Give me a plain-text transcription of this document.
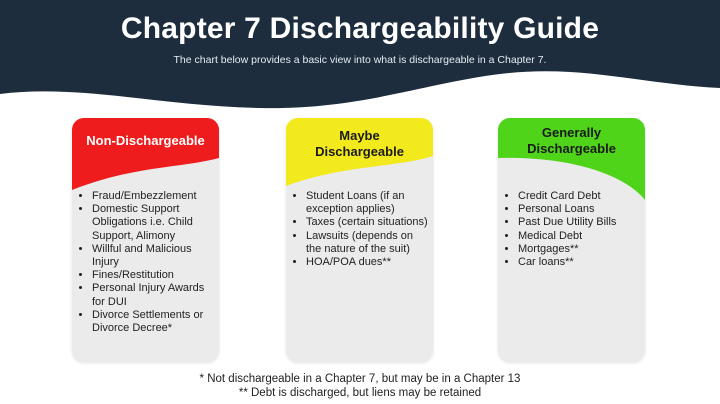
Chapter 7 Dischargeability Guide

The chart below provides a basic view into what is dischargeable in a Chapter 7.

Non-Dischargeable
• Fraud/Embezzlement
• Domestic Support Obligations i.e. Child Support, Alimony
• Willful and Malicious Injury
• Fines/Restitution
• Personal Injury Awards for DUI
• Divorce Settlements or Divorce Decree*
Maybe
Dischargeable
• Student Loans (if an exception applies)
• Taxes (certain situations)
• Lawsuits (depends on the nature of the suit)
• HOA/POA dues**
Generally
Dischargeable
• Credit Card Debt
• Personal Loans
• Past Due Utility Bills
• Medical Debt
• Mortgages**
• Car loans**
* Not dischargeable in a Chapter 7, but may be in a Chapter 13
** Debt is discharged, but liens may be retained
